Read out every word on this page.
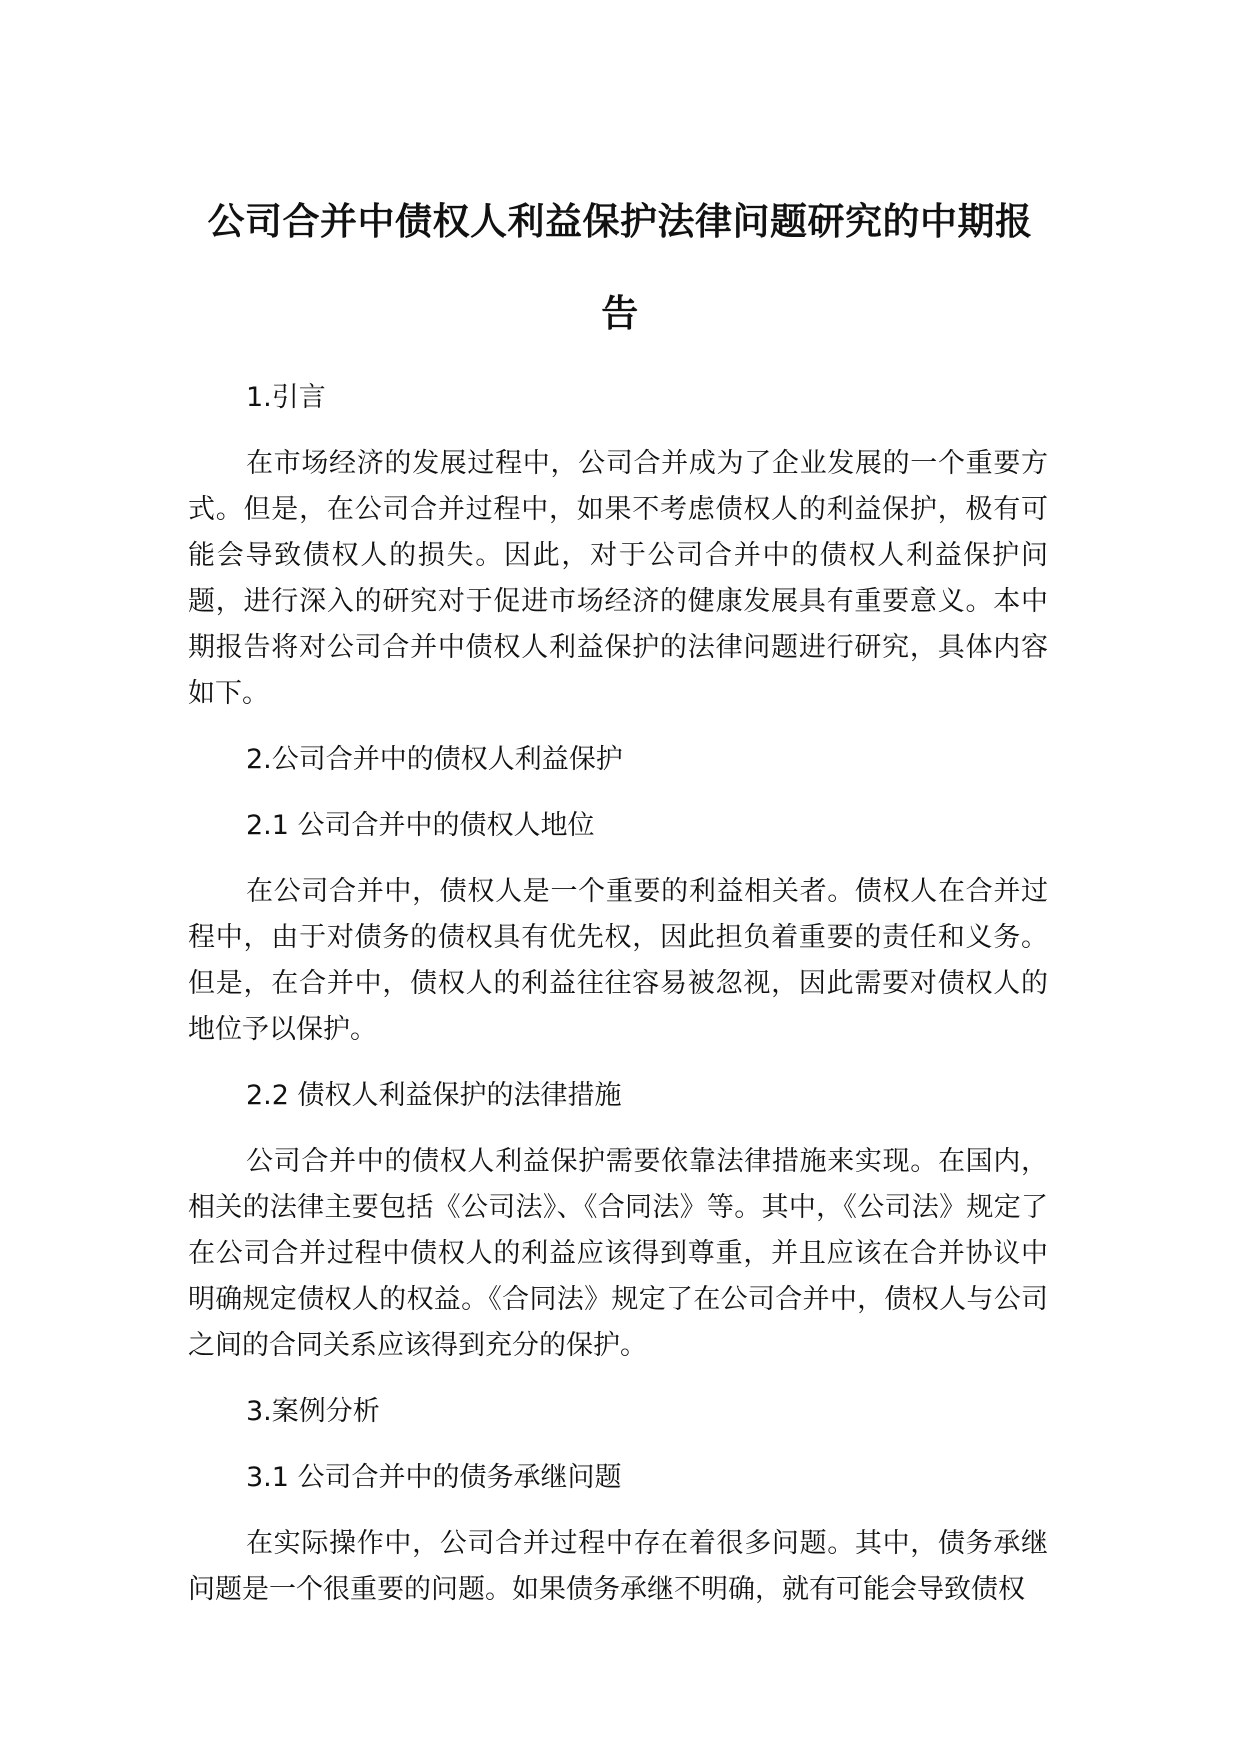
公司合并中债权人利益保护法律问题研究的中期报告

1.引言

在市场经济的发展过程中，公司合并成为了企业发展的一个重要方式。但是，在公司合并过程中，如果不考虑债权人的利益保护，极有可能会导致债权人的损失。因此，对于公司合并中的债权人利益保护问题，进行深入的研究对于促进市场经济的健康发展具有重要意义。本中期报告将对公司合并中债权人利益保护的法律问题进行研究，具体内容如下。

2.公司合并中的债权人利益保护

2.1 公司合并中的债权人地位

在公司合并中，债权人是一个重要的利益相关者。债权人在合并过程中，由于对债务的债权具有优先权，因此担负着重要的责任和义务。但是，在合并中，债权人的利益往往容易被忽视，因此需要对债权人的地位予以保护。

2.2 债权人利益保护的法律措施

公司合并中的债权人利益保护需要依靠法律措施来实现。在国内，相关的法律主要包括《公司法》、《合同法》等。其中，《公司法》规定了在公司合并过程中债权人的利益应该得到尊重，并且应该在合并协议中明确规定债权人的权益。《合同法》规定了在公司合并中，债权人与公司之间的合同关系应该得到充分的保护。

3.案例分析

3.1 公司合并中的债务承继问题

在实际操作中，公司合并过程中存在着很多问题。其中，债务承继问题是一个很重要的问题。如果债务承继不明确，就有可能会导致债权
